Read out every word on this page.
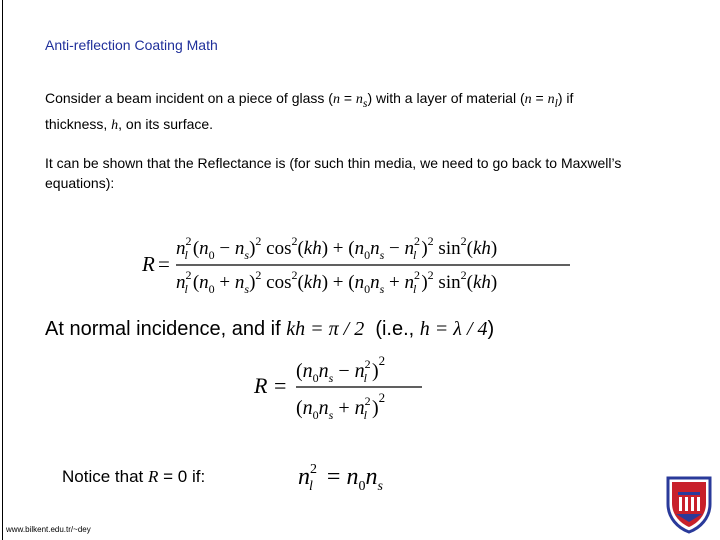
Anti-reflection Coating Math
Consider a beam incident on a piece of glass $(n = n_s)$ with a layer of material $(n = n_l)$ if
thickness, h, on its surface.
It can be shown that the Reflectance is (for such thin media, we need to go back to Maxwell’s equations):
R =
$n^2$ l $(n_0 - n_s)^2$ $\cos^2(kh) + (n_0n_s - n^2$ l )$^2$ $\sin^2(kh)$
$n^2$ l $(n_0 + n_s)^2$ $\cos^2(kh) + (n_0n_s + n^2$ l )$^2$ $\sin^2(kh)$
At normal incidence, and if kh = π / 2 (i.e., h = λ / 4)
R =
($n_0n_s - n^2$ l )$^2$
($n_0n_s + n^2$ l )$^2$
Notice that R = 0 if:	$n^2$ $l = n_0n_s$
www.bilkent.edu.tr/~dey
